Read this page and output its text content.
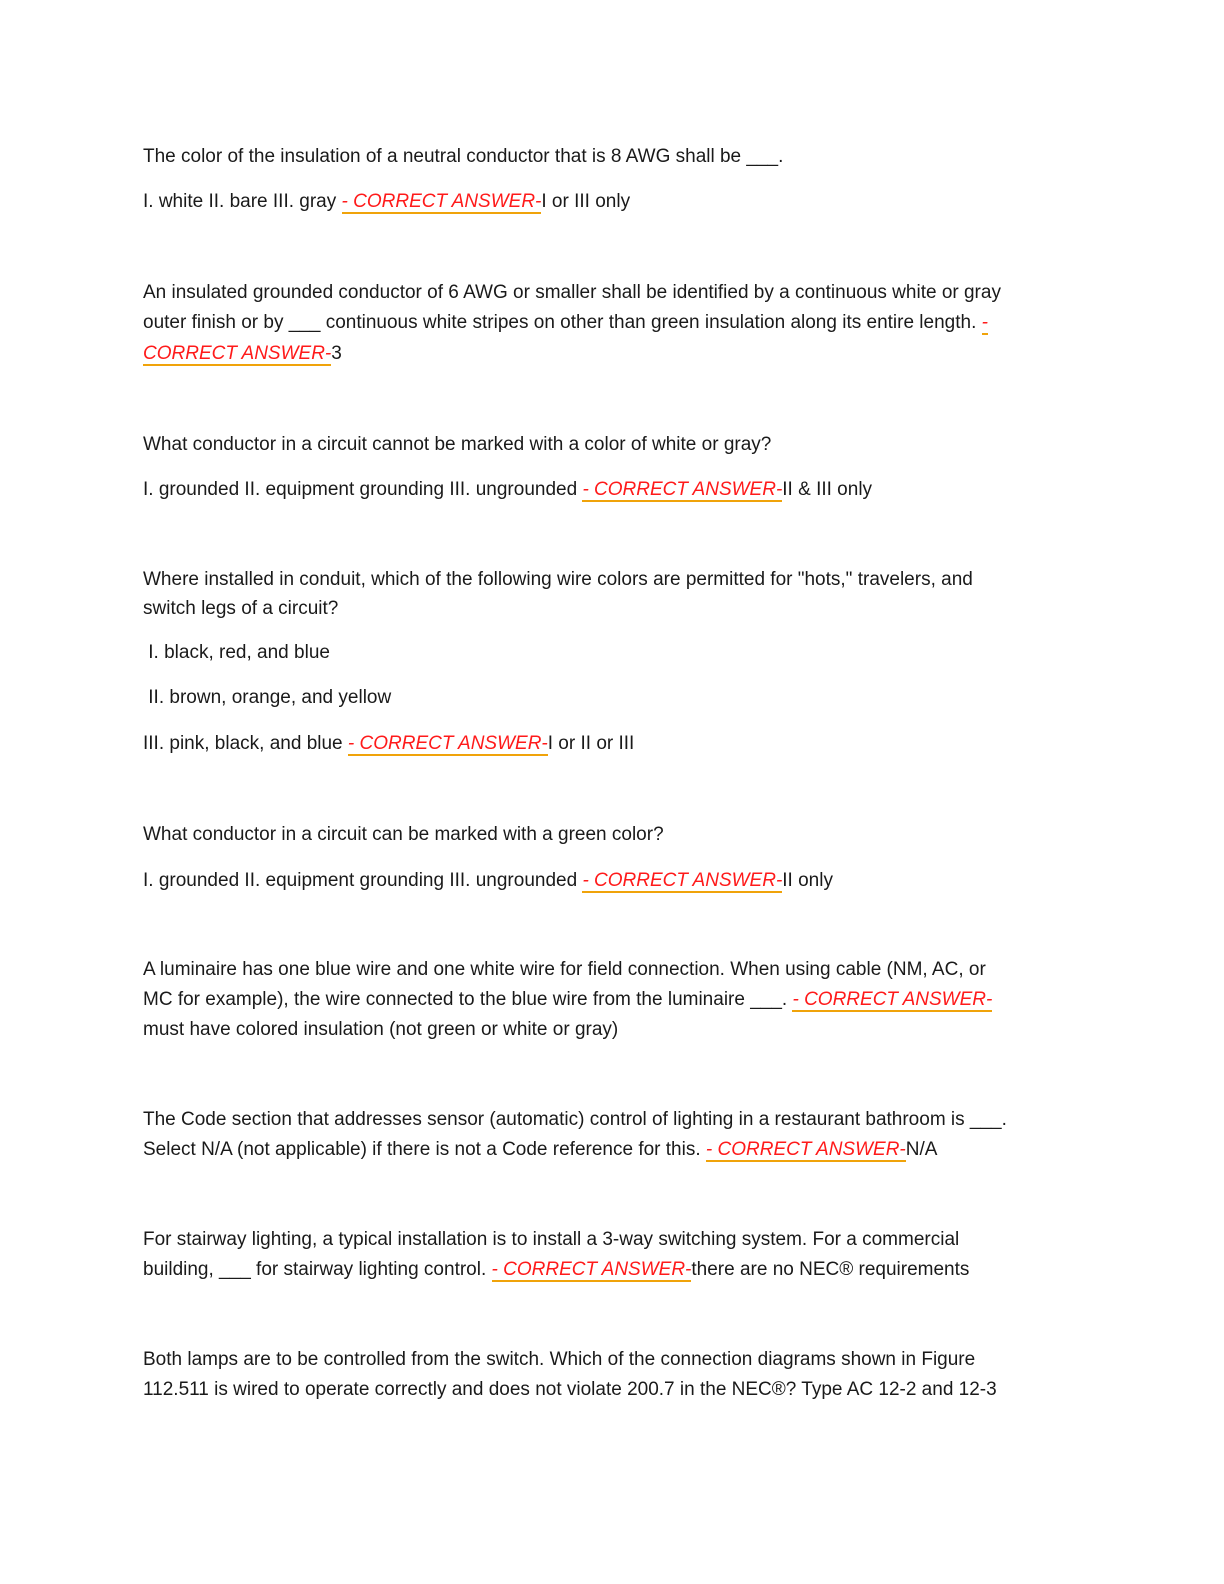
The color of the insulation of a neutral conductor that is 8 AWG shall be ___.
I. white II. bare III. gray - CORRECT ANSWER-I or III only
An insulated grounded conductor of 6 AWG or smaller shall be identified by a continuous white or gray
outer finish or by ___ continuous white stripes on other than green insulation along its entire length. -
CORRECT ANSWER-3
What conductor in a circuit cannot be marked with a color of white or gray?
I. grounded II. equipment grounding III. ungrounded - CORRECT ANSWER-II & III only
Where installed in conduit, which of the following wire colors are permitted for "hots," travelers, and
switch legs of a circuit?
I. black, red, and blue
II. brown, orange, and yellow
III. pink, black, and blue - CORRECT ANSWER-I or II or III
What conductor in a circuit can be marked with a green color?
I. grounded II. equipment grounding III. ungrounded - CORRECT ANSWER-II only
A luminaire has one blue wire and one white wire for field connection. When using cable (NM, AC, or
MC for example), the wire connected to the blue wire from the luminaire ___. - CORRECT ANSWER-
must have colored insulation (not green or white or gray)
The Code section that addresses sensor (automatic) control of lighting in a restaurant bathroom is ___.
Select N/A (not applicable) if there is not a Code reference for this. - CORRECT ANSWER-N/A
For stairway lighting, a typical installation is to install a 3-way switching system. For a commercial
building, ___ for stairway lighting control. - CORRECT ANSWER-there are no NEC® requirements
Both lamps are to be controlled from the switch. Which of the connection diagrams shown in Figure
112.511 is wired to operate correctly and does not violate 200.7 in the NEC®? Type AC 12-2 and 12-3
